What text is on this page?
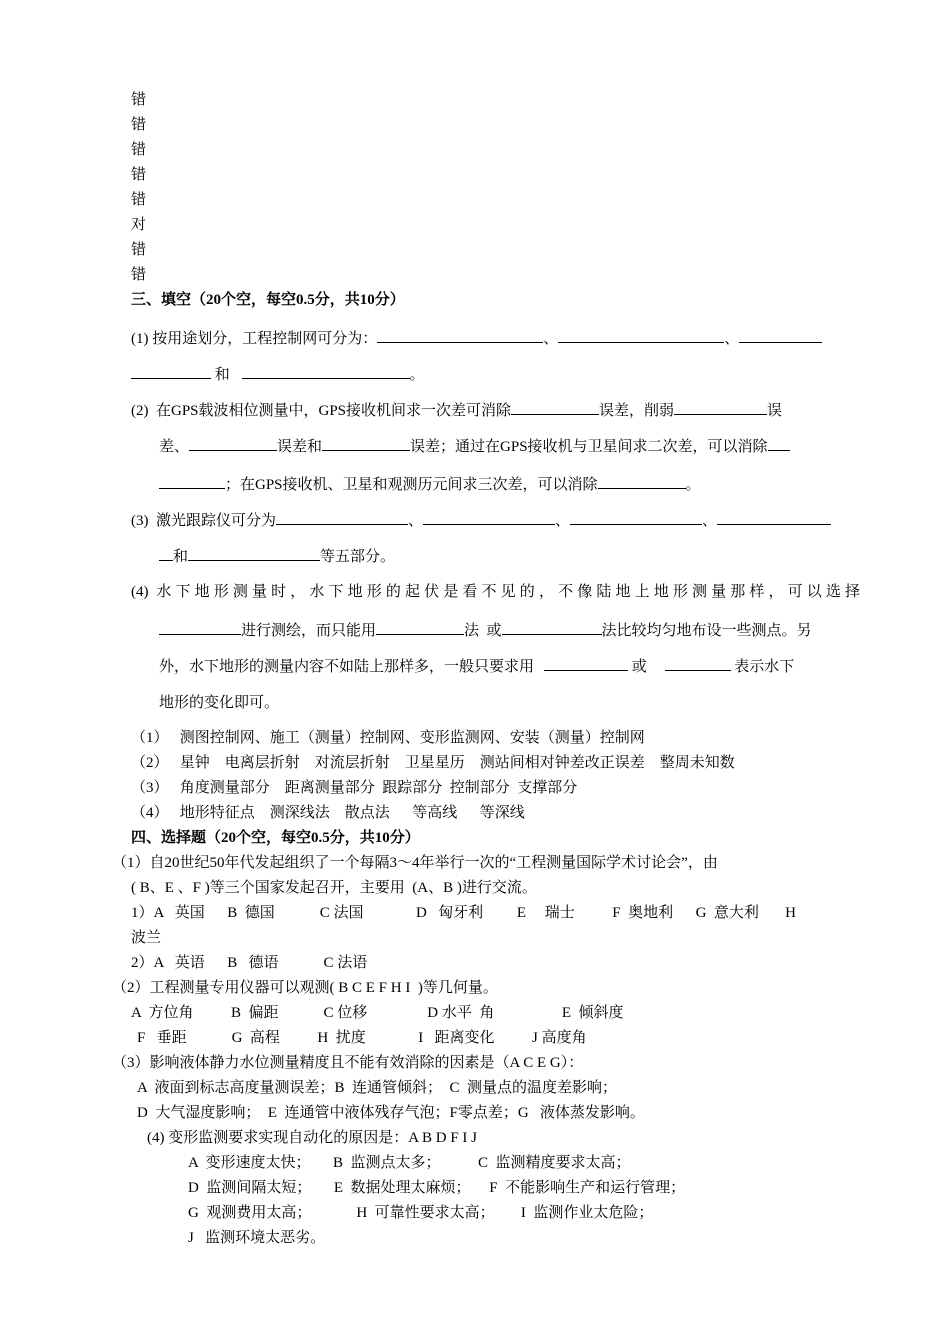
错
错
错
错
错
对
错
错
三、填空（20个空，每空0.5分，共10分）
(1) 按用途划分，工程控制网可分为：	、	、
和	。
(2)  在GPS载波相位测量中，GPS接收机间求一次差可消除	误差，削弱	误
差、	误差和	误差；通过在GPS接收机与卫星间求二次差，可以消除
；在GPS接收机、卫星和观测历元间求三次差，可以消除	。
(3)  激光跟踪仪可分为	、	、	、
和	等五部分。
(4) 水下地形测量时，水下地形的起伏是看不见的，不像陆地上地形测量那样，可以选择
进行测绘，而只能用	法  或	法比较均匀地布设一些测点。另
外，水下地形的测量内容不如陆上那样多，一般只要求用	或	表示水下
地形的变化即可。
（1）   测图控制网、施工（测量）控制网、变形监测网、安装（测量）控制网
（2）   星钟    电离层折射    对流层折射    卫星星历    测站间相对钟差改正误差    整周未知数
（3）   角度测量部分    距离测量部分  跟踪部分  控制部分  支撑部分
（4）   地形特征点    测深线法    散点法      等高线      等深线
四、选择题（20个空，每空0.5分，共10分）
（1）自20世纪50年代发起组织了一个每隔3～4年举行一次的“工程测量国际学术讨论会”，由
( B、E 、F )等三个国家发起召开，主要用  (A、B )进行交流。
1）A   英国      B  德国            C 法国              D   匈牙利         E     瑞士          F  奥地利      G  意大利       H
波兰
2）A   英语      B   德语            C 法语
（2）工程测量专用仪器可以观测( B C E F H I  )等几何量。
A  方位角          B  偏距            C 位移                D 水平  角                  E  倾斜度
F   垂距            G  高程          H  扰度              I   距离变化          J 高度角
（3）影响液体静力水位测量精度且不能有效消除的因素是（A C E G）：
A  液面到标志高度量测误差；B  连通管倾斜；  C  测量点的温度差影响；
D  大气湿度影响；  E  连通管中液体残存气泡；F零点差；G   液体蒸发影响。
(4) 变形监测要求实现自动化的原因是：A B D F I J
A  变形速度太快；      B  监测点太多；          C  监测精度要求太高；
D  监测间隔太短；      E  数据处理太麻烦；     F  不能影响生产和运行管理；
G  观测费用太高；            H  可靠性要求太高；       I  监测作业太危险；
J   监测环境太恶劣。
